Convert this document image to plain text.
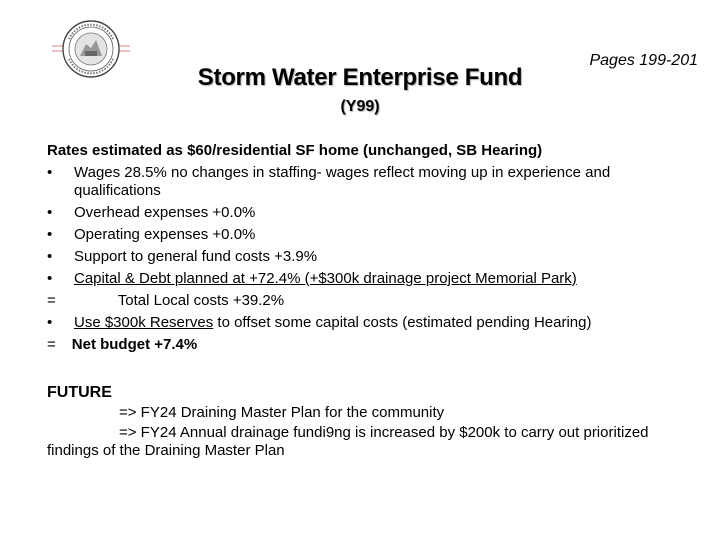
Pages 199-201
Storm Water Enterprise Fund
(Y99)
Rates estimated as $60/residential SF home (unchanged, SB Hearing)
• Wages 28.5% no changes in staffing- wages reflect moving up in experience and qualifications
• Overhead expenses +0.0%
• Operating expenses +0.0%
• Support to general fund costs +3.9%
• Capital & Debt planned at +72.4% (+$300k drainage project Memorial Park)
=	Total Local costs +39.2%
• Use $300k Reserves to offset some capital costs (estimated pending Hearing)
= Net budget +7.4%
FUTURE
=> FY24 Draining Master Plan for the community
=> FY24 Annual drainage fundi9ng is increased by $200k to carry out prioritized findings of the Draining Master Plan
